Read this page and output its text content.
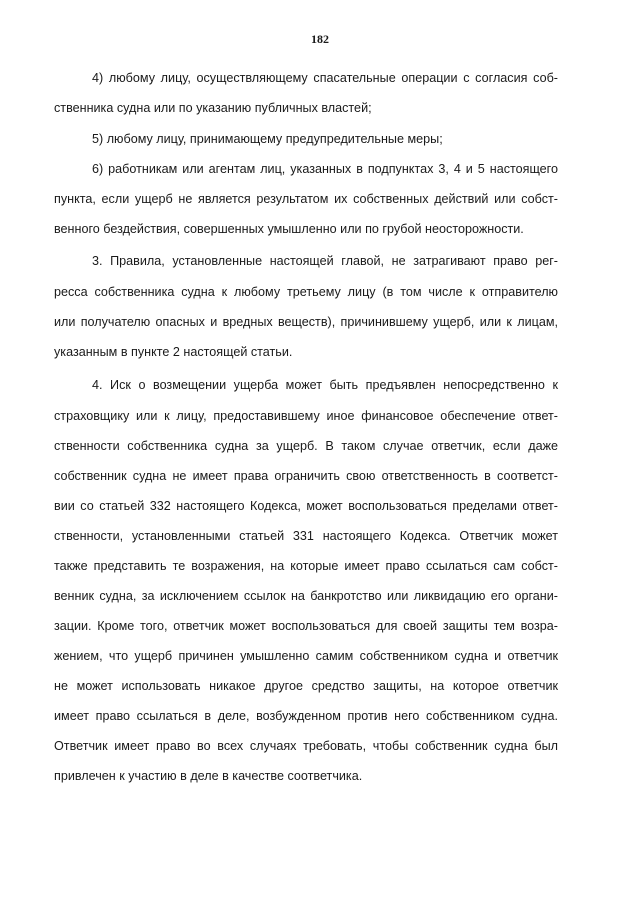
182
4) любому лицу, осуществляющему спасательные операции с согласия соб-
ственника судна или по указанию публичных властей;
5) любому лицу, принимающему предупредительные меры;
6) работникам или агентам лиц, указанных в подпунктах 3, 4 и 5 настоящего
пункта, если ущерб не является результатом их собственных действий или собст-
венного бездействия, совершенных умышленно или по грубой неосторожности.
3. Правила, установленные настоящей главой, не затрагивают право рег-
ресса собственника судна к любому третьему лицу (в том числе к отправителю
или получателю опасных и вредных веществ), причинившему ущерб, или к лицам,
указанным в пункте 2 настоящей статьи.
4. Иск о возмещении ущерба может быть предъявлен непосредственно к
страховщику или к лицу, предоставившему иное финансовое обеспечение ответ-
ственности собственника судна за ущерб. В таком случае ответчик, если даже
собственник судна не имеет права ограничить свою ответственность в соответст-
вии со статьей 332 настоящего Кодекса, может воспользоваться пределами ответ-
ственности, установленными статьей 331 настоящего Кодекса. Ответчик может
также представить те возражения, на которые имеет право ссылаться сам собст-
венник судна, за исключением ссылок на банкротство или ликвидацию его органи-
зации. Кроме того, ответчик может воспользоваться для своей защиты тем возра-
жением, что ущерб причинен умышленно самим собственником судна и ответчик
не может использовать никакое другое средство защиты, на которое ответчик
имеет право ссылаться в деле, возбужденном против него собственником судна.
Ответчик имеет право во всех случаях требовать, чтобы собственник судна был
привлечен к участию в деле в качестве соответчика.
